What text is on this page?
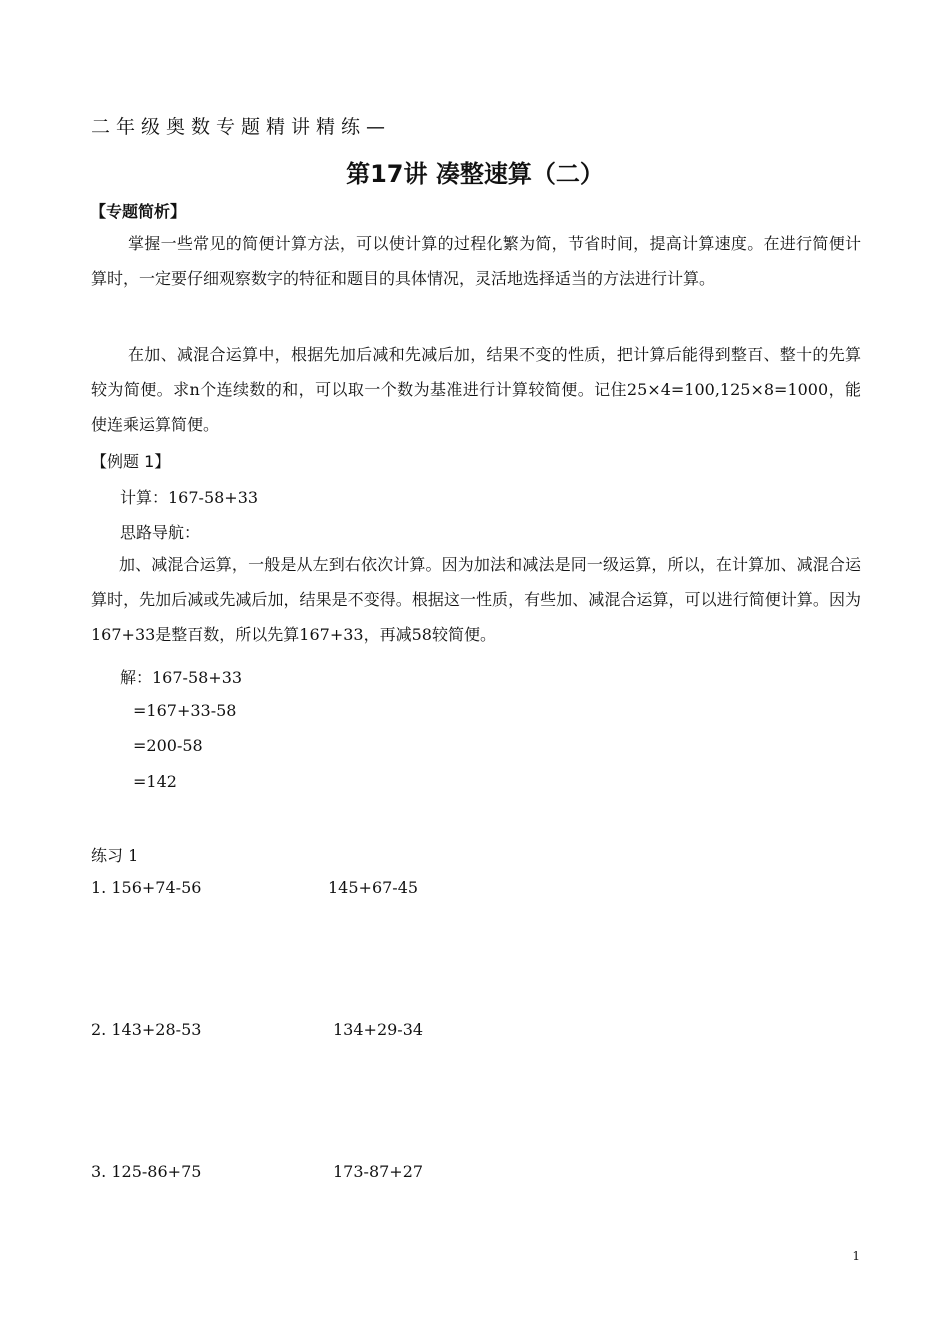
二年级奥数专题精讲精练—
第17讲 凑整速算（二）
【专题简析】
掌握一些常见的简便计算方法，可以使计算的过程化繁为简，节省时间，提高计算速度。在进行简便计算时，一定要仔细观察数字的特征和题目的具体情况，灵活地选择适当的方法进行计算。
在加、减混合运算中，根据先加后减和先减后加，结果不变的性质，把计算后能得到整百、整十的先算较为简便。求n个连续数的和，可以取一个数为基准进行计算较简便。记住25×4=100,125×8=1000，能使连乘运算简便。
【例题 1】
计算：167-58+33
思路导航：
加、减混合运算，一般是从左到右依次计算。因为加法和减法是同一级运算，所以，在计算加、减混合运算时，先加后减或先减后加，结果是不变得。根据这一性质，有些加、减混合运算，可以进行简便计算。因为167+33是整百数，所以先算167+33，再减58较简便。
解：167-58+33
=167+33-58
=200-58
=142
练习 1
1. 156+74-56	145+67-45
2. 143+28-53	134+29-34
3. 125-86+75	173-87+27
1
